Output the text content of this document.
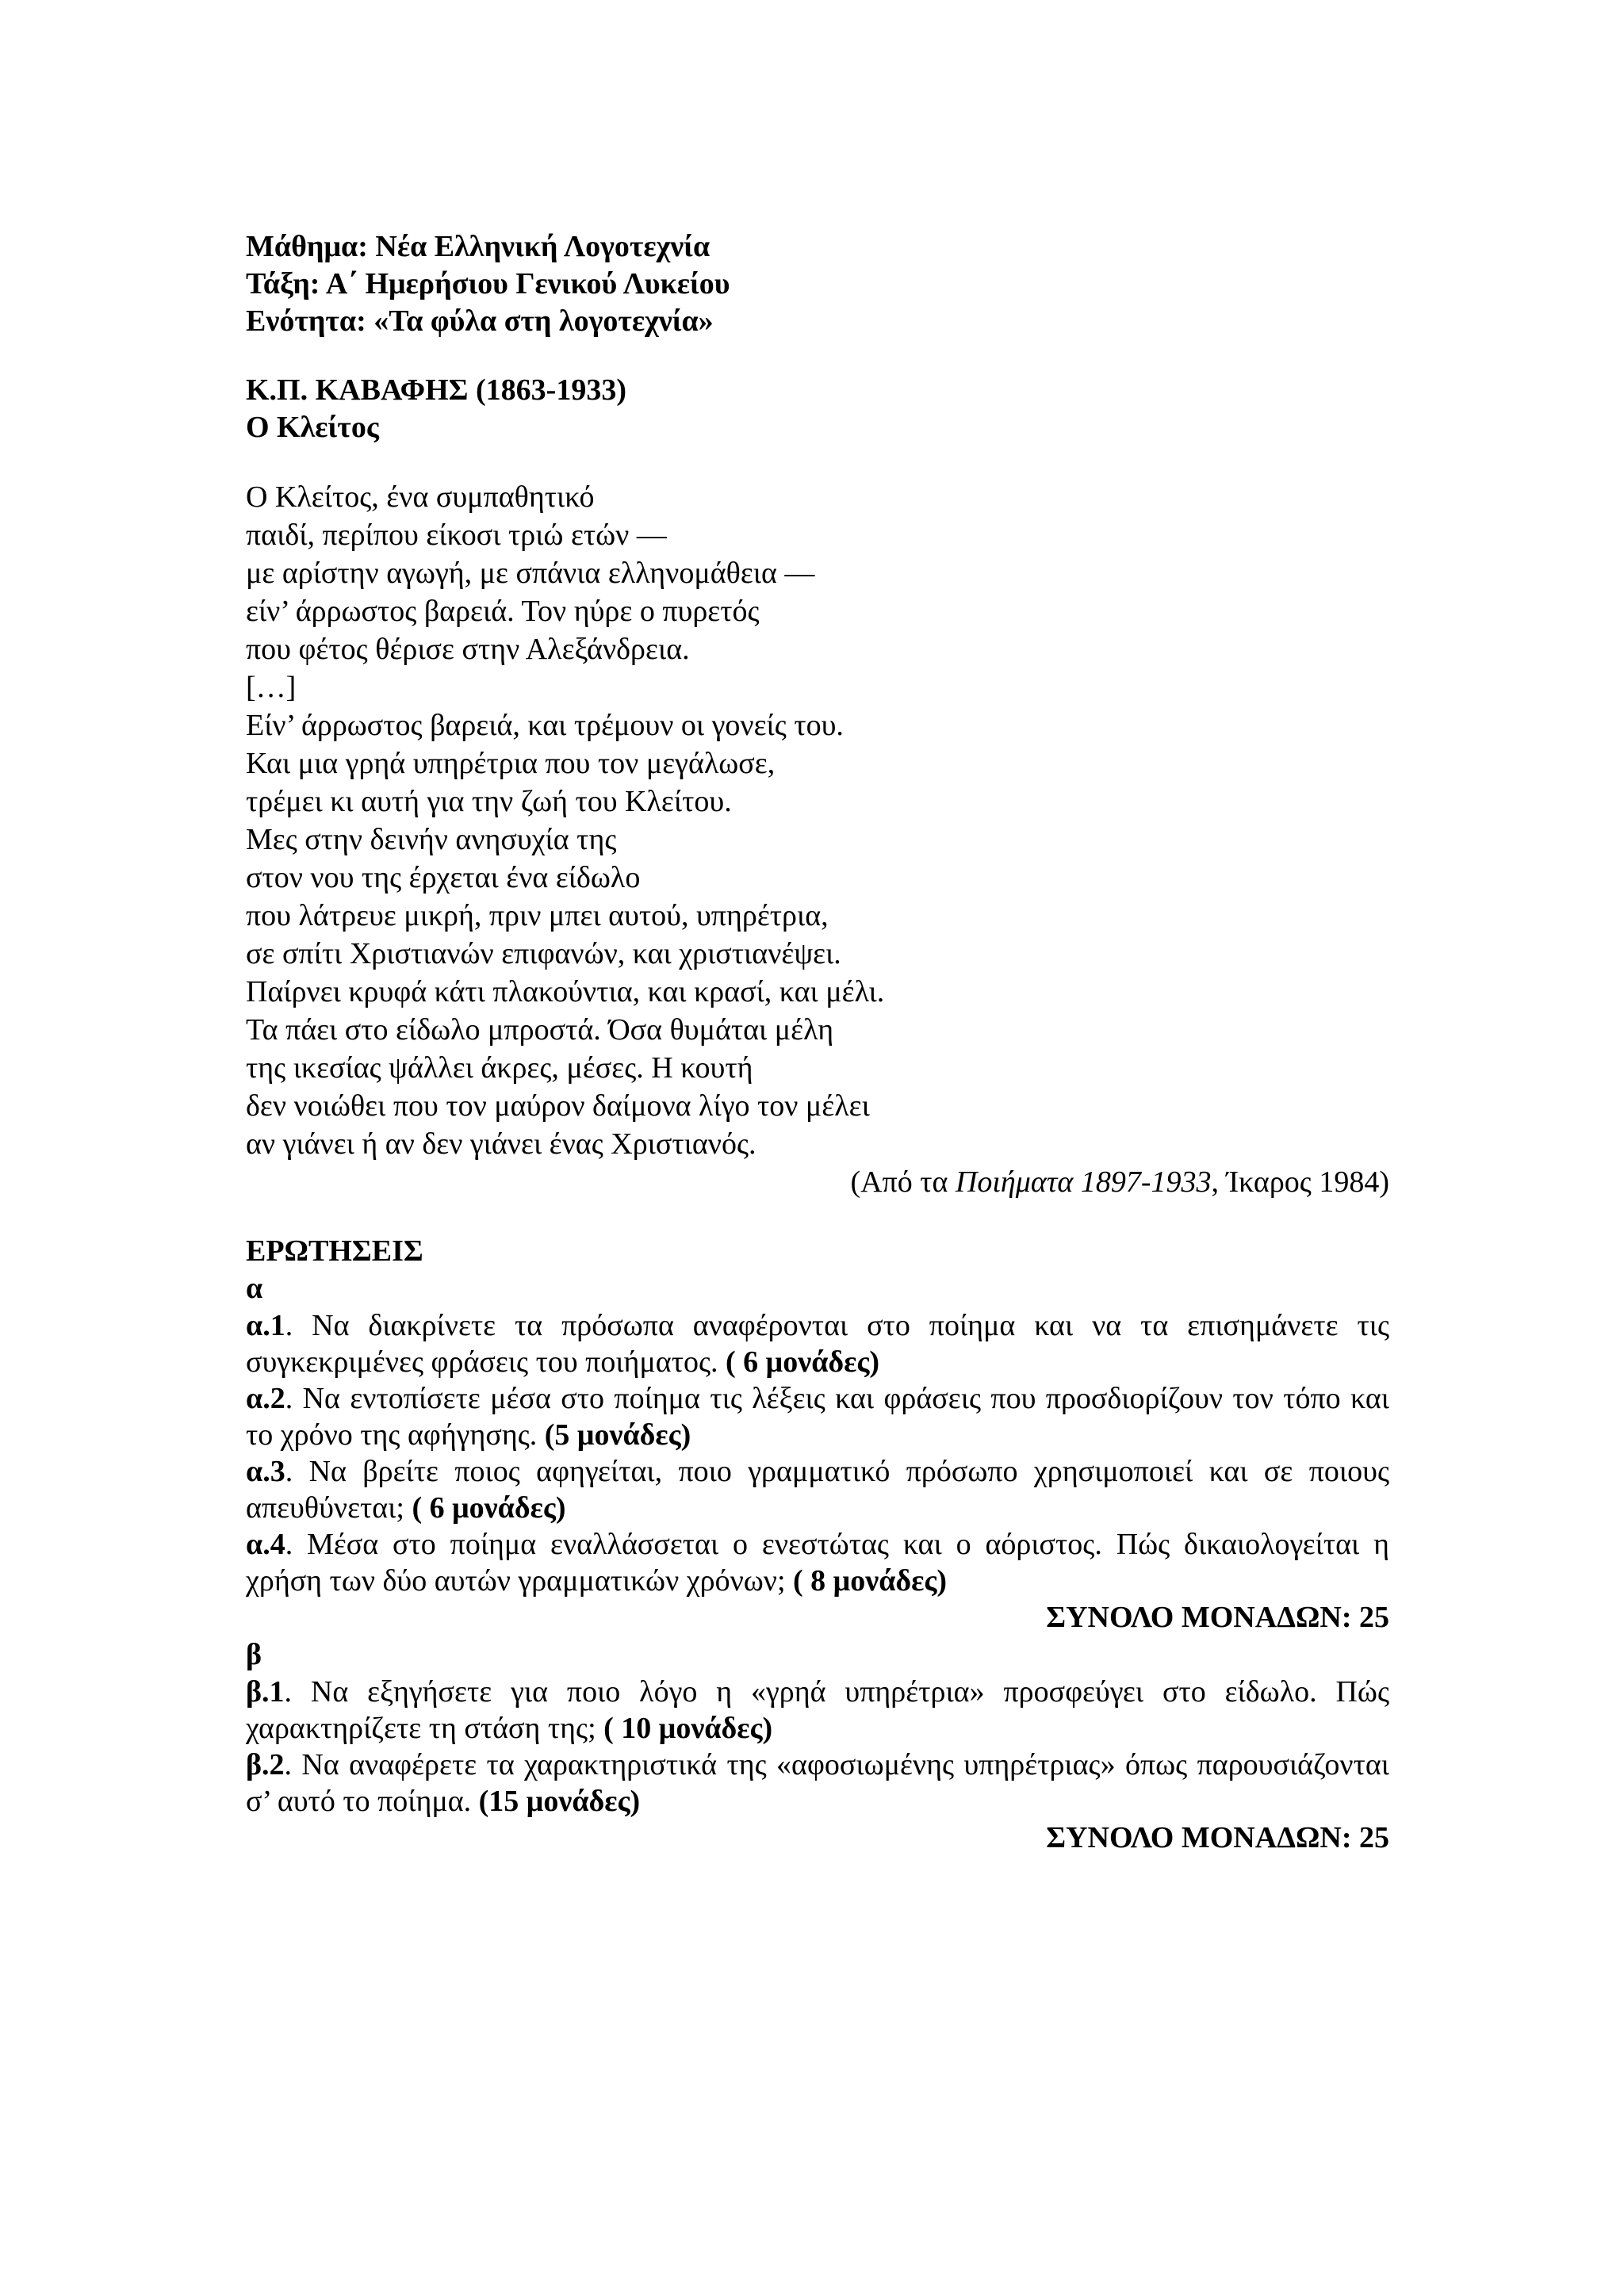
Μάθημα: Νέα Ελληνική Λογοτεχνία
Τάξη: Α΄ Ημερήσιου Γενικού Λυκείου
Ενότητα: «Τα φύλα στη λογοτεχνία»
Κ.Π. ΚΑΒΑΦΗΣ (1863-1933)
Ο Κλείτος
Ο Κλείτος, ένα συμπαθητικό
παιδί, περίπου είκοσι τριώ ετών —
με αρίστην αγωγή, με σπάνια ελληνομάθεια —
είν’ άρρωστος βαρειά. Τον ηύρε ο πυρετός
που φέτος θέρισε στην Αλεξάνδρεια.
[…]
Είν’ άρρωστος βαρειά, και τρέμουν οι γονείς του.
Και μια γρηά υπηρέτρια που τον μεγάλωσε,
τρέμει κι αυτή για την ζωή του Κλείτου.
Μες στην δεινήν ανησυχία της
στον νου της έρχεται ένα είδωλο
που λάτρευε μικρή, πριν μπει αυτού, υπηρέτρια,
σε σπίτι Χριστιανών επιφανών, και χριστιανέψει.
Παίρνει κρυφά κάτι πλακούντια, και κρασί, και μέλι.
Τα πάει στο είδωλο μπροστά. Όσα θυμάται μέλη
της ικεσίας ψάλλει άκρες, μέσες. Η κουτή
δεν νοιώθει που τον μαύρον δαίμονα λίγο τον μέλει
αν γιάνει ή αν δεν γιάνει ένας Χριστιανός.
(Από τα Ποιήματα 1897-1933, Ίκαρος 1984)
ΕΡΩΤΗΣΕΙΣ
α
α.1. Να διακρίνετε τα πρόσωπα αναφέρονται στο ποίημα και να τα επισημάνετε τις συγκεκριμένες φράσεις του ποιήματος. ( 6 μονάδες)
α.2. Να εντοπίσετε μέσα στο ποίημα τις λέξεις και φράσεις που προσδιορίζουν τον τόπο και το χρόνο της αφήγησης. (5 μονάδες)
α.3. Να βρείτε ποιος αφηγείται, ποιο γραμματικό πρόσωπο χρησιμοποιεί και σε ποιους απευθύνεται; ( 6 μονάδες)
α.4. Μέσα στο ποίημα εναλλάσσεται ο ενεστώτας και ο αόριστος. Πώς δικαιολογείται η χρήση των δύο αυτών γραμματικών χρόνων; ( 8 μονάδες)
ΣΥΝΟΛΟ ΜΟΝΑΔΩΝ: 25
β
β.1. Να εξηγήσετε για ποιο λόγο η «γρηά υπηρέτρια» προσφεύγει στο είδωλο. Πώς χαρακτηρίζετε τη στάση της; ( 10 μονάδες)
β.2. Να αναφέρετε τα χαρακτηριστικά της «αφοσιωμένης υπηρέτριας» όπως παρουσιάζονται σ’ αυτό το ποίημα. (15 μονάδες)
ΣΥΝΟΛΟ ΜΟΝΑΔΩΝ: 25
